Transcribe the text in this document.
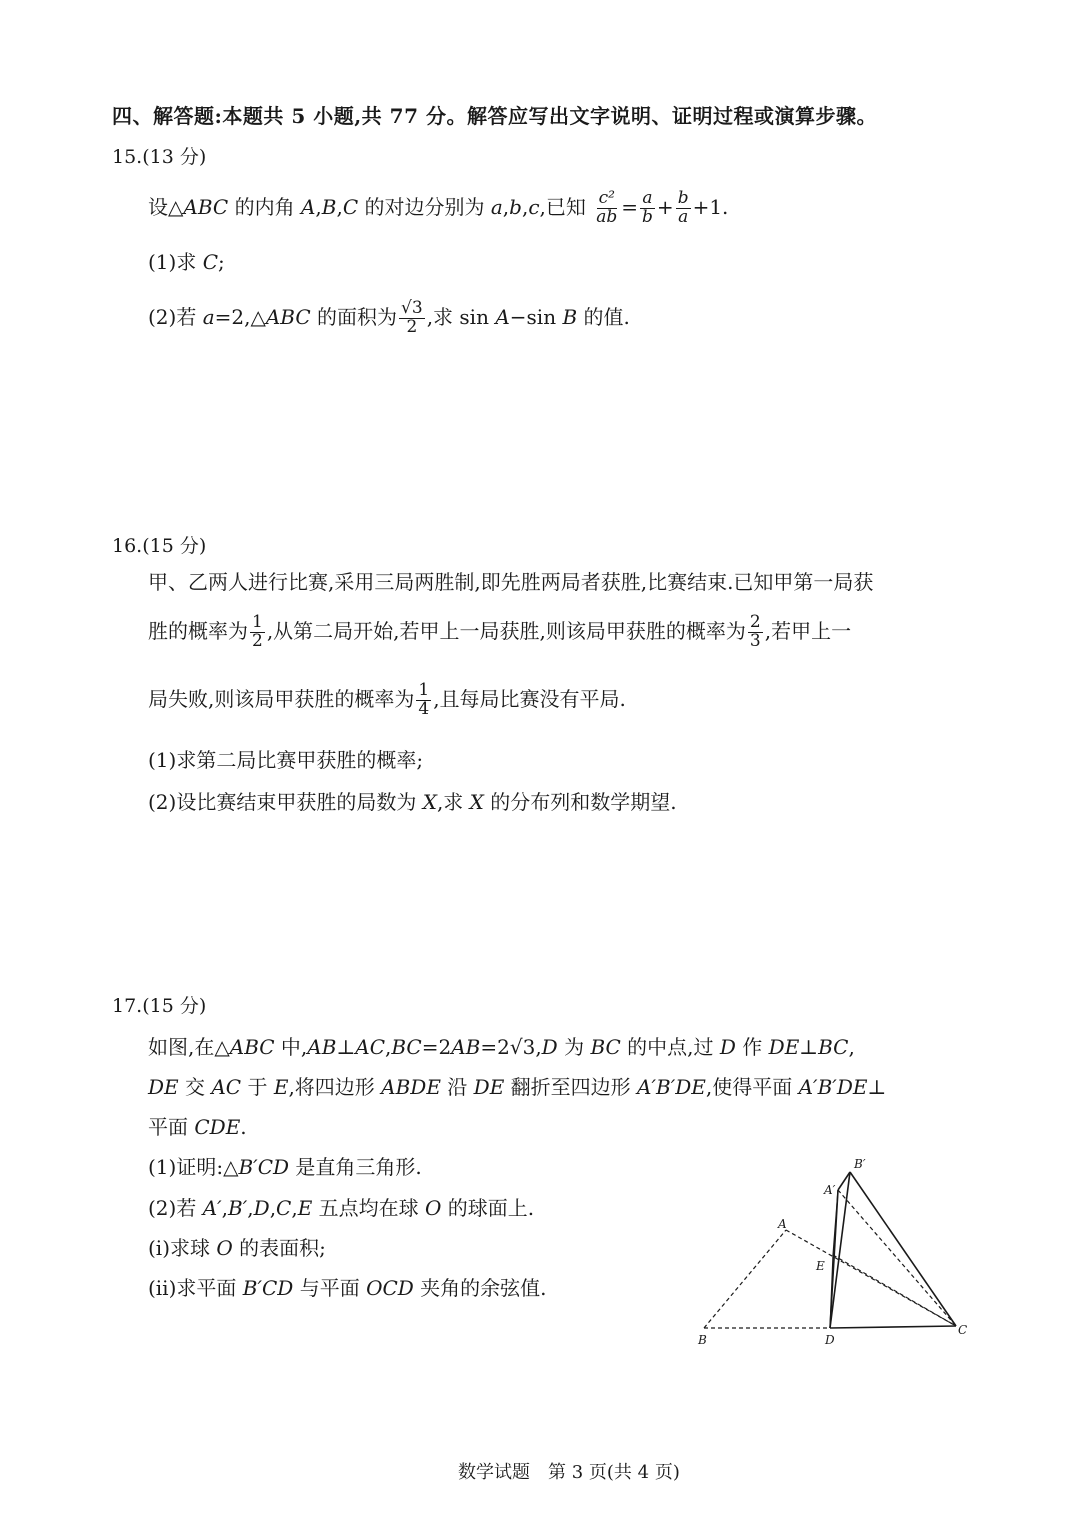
四、解答题:本题共 5 小题,共 77 分。解答应写出文字说明、证明过程或演算步骤。
15.(13 分)
设△ABC 的内角 A,B,C 的对边分别为 a,b,c,已知 $\frac{\text{c²}}{ab} = \frac{a}{b} + \frac{b}{a} +1$.
(1)求 C;
(2)若 a=2,△ABC 的面积为 $\frac{√3}{2}$ ,求 sin A−sin B 的值.
16.(15 分)
甲、乙两人进行比赛,采用三局两胜制,即先胜两局者获胜,比赛结束.已知甲第一局获
胜的概率为 $\frac{1}{2}$ ,从第二局开始,若甲上一局获胜,则该局甲获胜的概率为 $\frac{2}{3}$ ,若甲上一
局失败,则该局甲获胜的概率为 $\frac{1}{4}$ ,且每局比赛没有平局.
(1)求第二局比赛甲获胜的概率;
(2)设比赛结束甲获胜的局数为 X,求 X 的分布列和数学期望.
17.(15 分)
如图,在△ABC 中,AB⊥AC,BC=2AB=2√3,D 为 BC 的中点,过 D 作 DE⊥BC,
DE 交 AC 于 E,将四边形 ABDE 沿 DE 翻折至四边形 A′B′DE,使得平面 A′B′DE⊥
平面 CDE.
(1)证明:△B′CD 是直角三角形.
(2)若 A′,B′,D,C,E 五点均在球 O 的球面上.
(ⅰ)求球 O 的表面积;
(ⅱ)求平面 B′CD 与平面 OCD 夹角的余弦值.
B′
A′
A
E
B	D
C
数学试题　第 3 页(共 4 页)
